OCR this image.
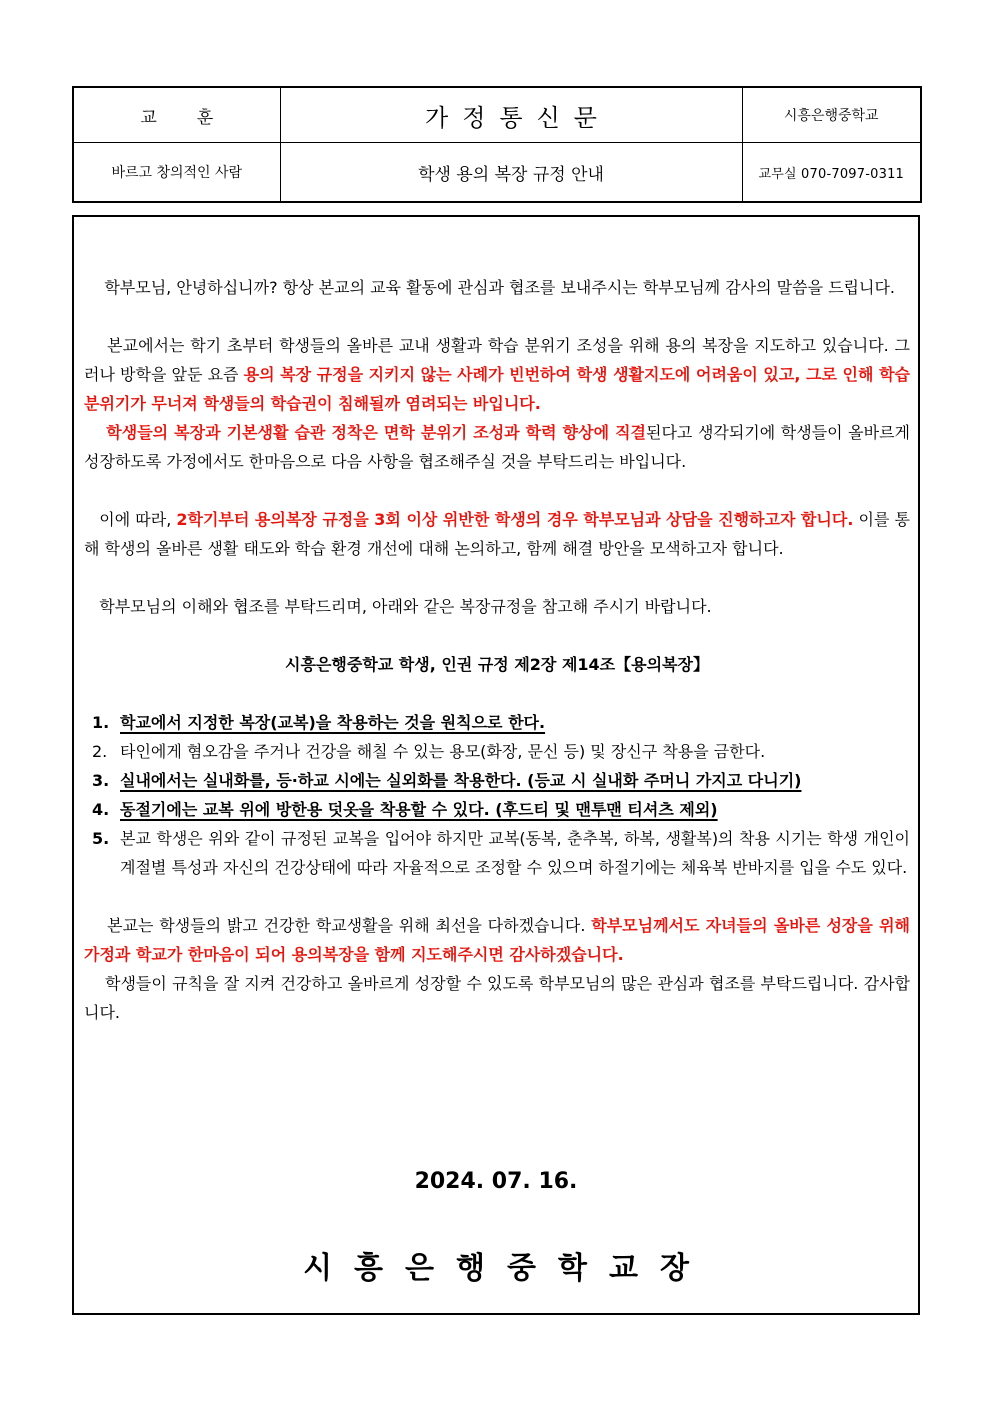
교훈	가정통신문	시흥은행중학교
바르고 창의적인 사람	학생 용의 복장 규정 안내	교무실 070-7097-0311

학부모님, 안녕하십니까? 항상 본교의 교육 활동에 관심과 협조를 보내주시는 학부모님께 감사의 말씀을 드립니다.

본교에서는 학기 초부터 학생들의 올바른 교내 생활과 학습 분위기 조성을 위해 용의 복장을 지도하고 있습니다. 그러나 방학을 앞둔 요즘 용의 복장 규정을 지키지 않는 사례가 빈번하여 학생 생활지도에 어려움이 있고, 그로 인해 학습 분위기가 무너져 학생들의 학습권이 침해될까 염려되는 바입니다.
학생들의 복장과 기본생활 습관 정착은 면학 분위기 조성과 학력 향상에 직결된다고 생각되기에 학생들이 올바르게 성장하도록 가정에서도 한마음으로 다음 사항을 협조해주실 것을 부탁드리는 바입니다.

이에 따라, 2학기부터 용의복장 규정을 3회 이상 위반한 학생의 경우 학부모님과 상담을 진행하고자 합니다. 이를 통해 학생의 올바른 생활 태도와 학습 환경 개선에 대해 논의하고, 함께 해결 방안을 모색하고자 합니다.

학부모님의 이해와 협조를 부탁드리며, 아래와 같은 복장규정을 참고해 주시기 바랍니다.

시흥은행중학교 학생, 인권 규정 제2장 제14조【용의복장】

1. 학교에서 지정한 복장(교복)을 착용하는 것을 원칙으로 한다.
2. 타인에게 혐오감을 주거나 건강을 해칠 수 있는 용모(화장, 문신 등) 및 장신구 착용을 금한다.
3. 실내에서는 실내화를, 등·하교 시에는 실외화를 착용한다. (등교 시 실내화 주머니 가지고 다니기)
4. 동절기에는 교복 위에 방한용 덧옷을 착용할 수 있다. (후드티 및 맨투맨 티셔츠 제외)
5. 본교 학생은 위와 같이 규정된 교복을 입어야 하지만 교복(동복, 춘추복, 하복, 생활복)의 착용 시기는 학생 개인이 계절별 특성과 자신의 건강상태에 따라 자율적으로 조정할 수 있으며 하절기에는 체육복 반바지를 입을 수도 있다.

본교는 학생들의 밝고 건강한 학교생활을 위해 최선을 다하겠습니다. 학부모님께서도 자녀들의 올바른 성장을 위해 가정과 학교가 한마음이 되어 용의복장을 함께 지도해주시면 감사하겠습니다.

학생들이 규칙을 잘 지켜 건강하고 올바르게 성장할 수 있도록 학부모님의 많은 관심과 협조를 부탁드립니다. 감사합니다.

2024. 07. 16.
시흥은행중학교장
